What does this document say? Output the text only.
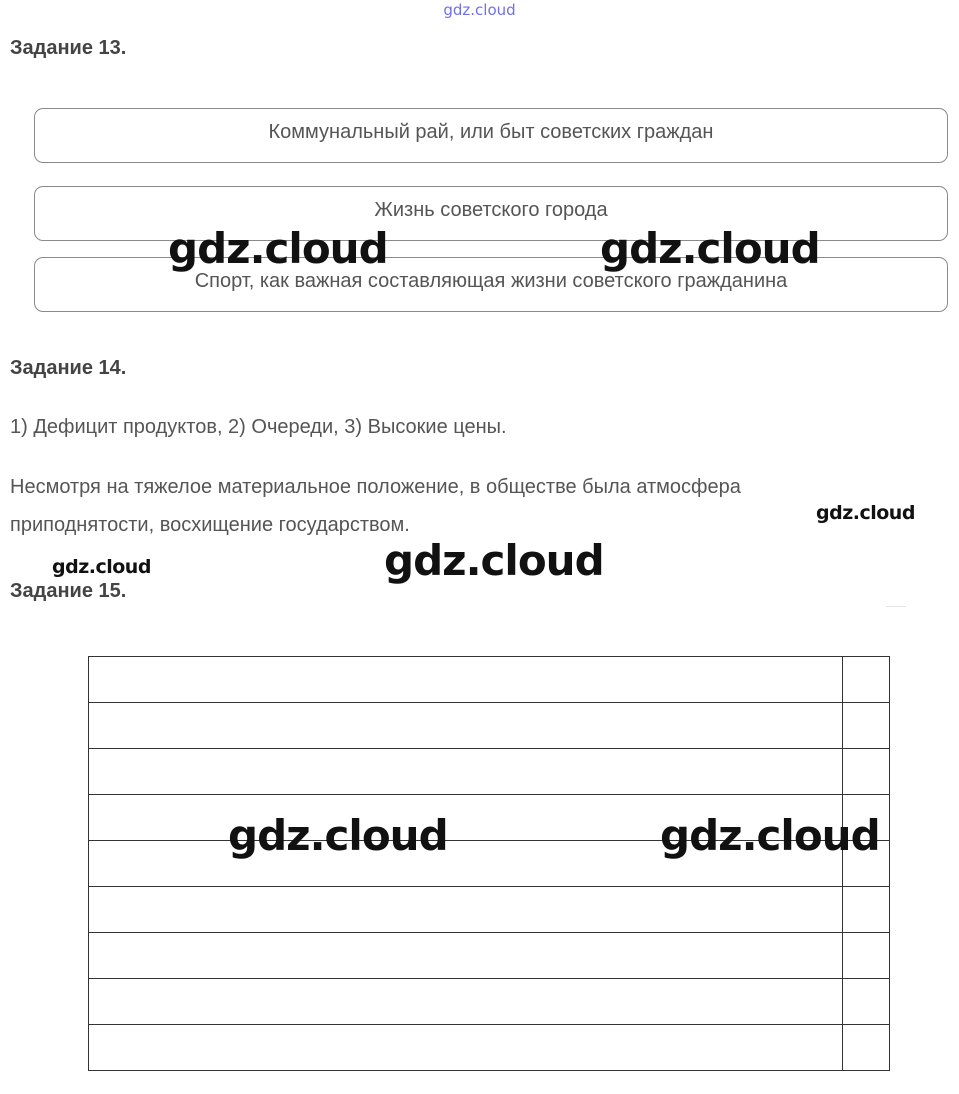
gdz.cloud
Задание 13.
Коммунальный рай, или быт советских граждан
Жизнь советского города
Спорт, как важная составляющая жизни советского гражданина
Задание 14.

1) Дефицит продуктов, 2) Очереди, 3) Высокие цены.

Несмотря на тяжелое материальное положение, в обществе была атмосфера приподнятости, восхищение государством.

Задание 15.

gdz.cloud	gdz.cloud
gdz.cloud
gdz.cloud	gdz.cloud
gdz.cloud	gdz.cloud
